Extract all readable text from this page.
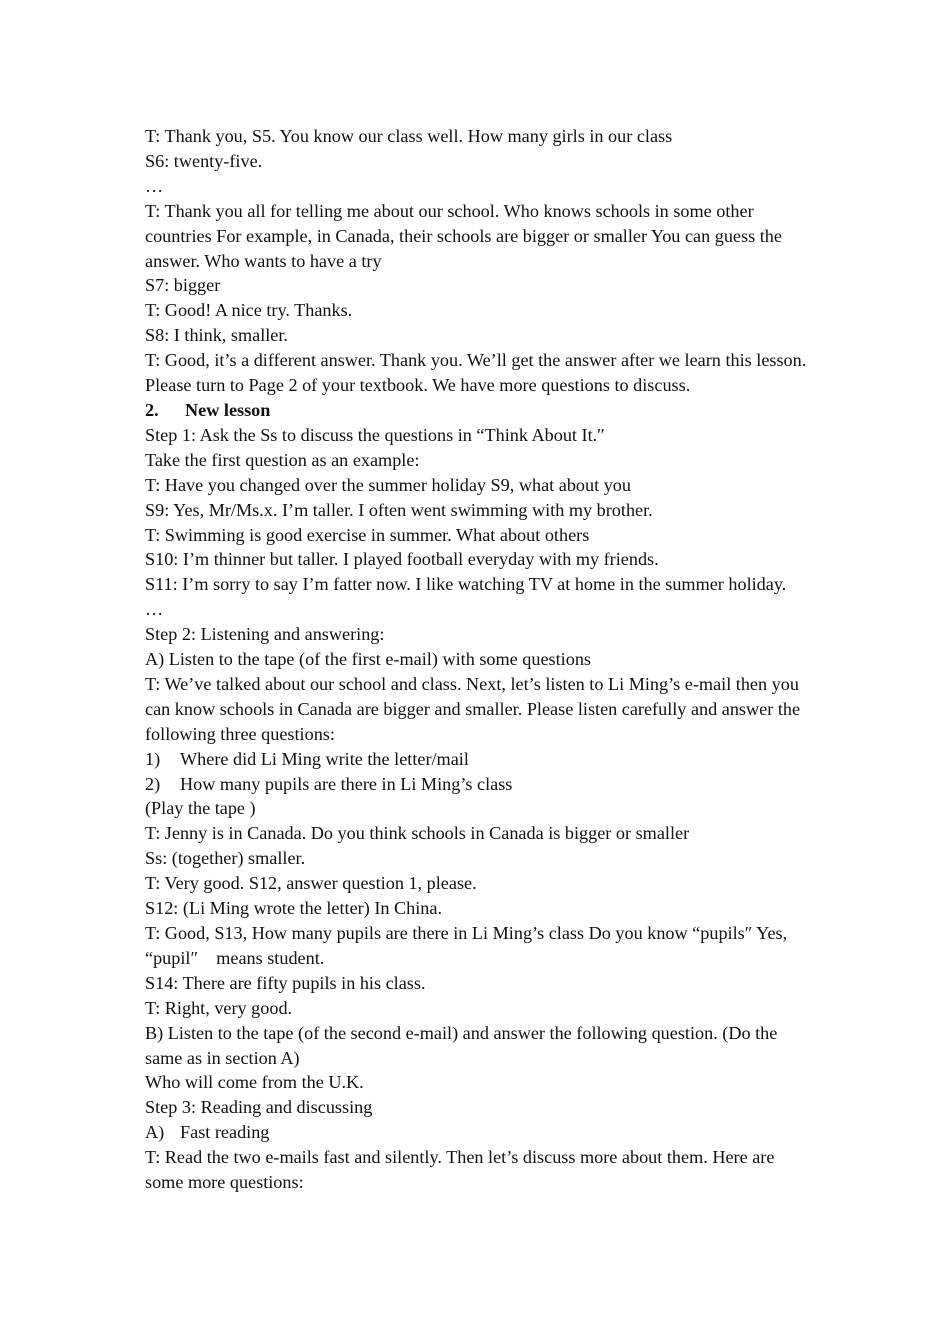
T: Thank you, S5. You know our class well. How many girls in our class

S6: twenty-five.

…

T: Thank you all for telling me about our school. Who knows schools in some other countries For example, in Canada, their schools are bigger or smaller You can guess the answer. Who wants to have a try

S7: bigger

T: Good! A nice try. Thanks.

S8: I think, smaller.

T: Good, it’s a different answer. Thank you. We’ll get the answer after we learn this lesson. Please turn to Page 2 of your textbook. We have more questions to discuss.

2. New lesson

Step 1: Ask the Ss to discuss the questions in “Think About It.″

Take the first question as an example:

T: Have you changed over the summer holiday S9, what about you

S9: Yes, Mr/Ms.x. I’m taller. I often went swimming with my brother.

T: Swimming is good exercise in summer. What about others

S10: I’m thinner but taller. I played football everyday with my friends.

S11: I’m sorry to say I’m fatter now. I like watching TV at home in the summer holiday.

…

Step 2: Listening and answering:

A) Listen to the tape (of the first e-mail) with some questions

T: We’ve talked about our school and class. Next, let’s listen to Li Ming’s e-mail then you can know schools in Canada are bigger and smaller. Please listen carefully and answer the following three questions:

1) Where did Li Ming write the letter/mail

2) How many pupils are there in Li Ming’s class

(Play the tape )

T: Jenny is in Canada. Do you think schools in Canada is bigger or smaller

Ss: (together) smaller.

T: Very good. S12, answer question 1, please.

S12: (Li Ming wrote the letter) In China.

T: Good, S13, How many pupils are there in Li Ming’s class Do you know “pupils″ Yes, “pupil″　means student.

S14: There are fifty pupils in his class.

T: Right, very good.

B) Listen to the tape (of the second e-mail) and answer the following question. (Do the same as in section A)

Who will come from the U.K.

Step 3: Reading and discussing

A) Fast reading

T: Read the two e-mails fast and silently. Then let’s discuss more about them. Here are some more questions:
